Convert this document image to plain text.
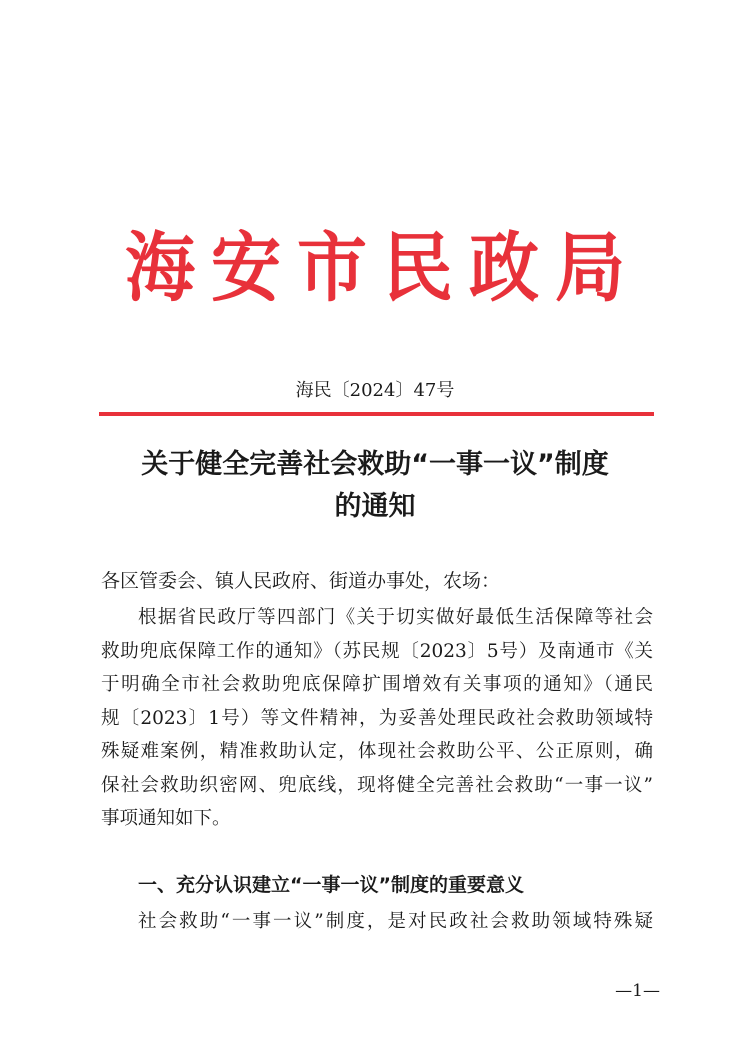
海安市民政局
海民〔2024〕47号
关于健全完善社会救助“一事一议”制度
的通知
各区管委会、镇人民政府、街道办事处，农场：
根据省民政厅等四部门《关于切实做好最低生活保障等社会
救助兜底保障工作的通知》（苏民规〔2023〕5号）及南通市《关
于明确全市社会救助兜底保障扩围增效有关事项的通知》（通民
规〔2023〕1号）等文件精神，为妥善处理民政社会救助领域特
殊疑难案例，精准救助认定，体现社会救助公平、公正原则，确
保社会救助织密网、兜底线，现将健全完善社会救助“一事一议”
事项通知如下。
一、充分认识建立“一事一议”制度的重要意义
社会救助“一事一议”制度，是对民政社会救助领域特殊疑
—1—
